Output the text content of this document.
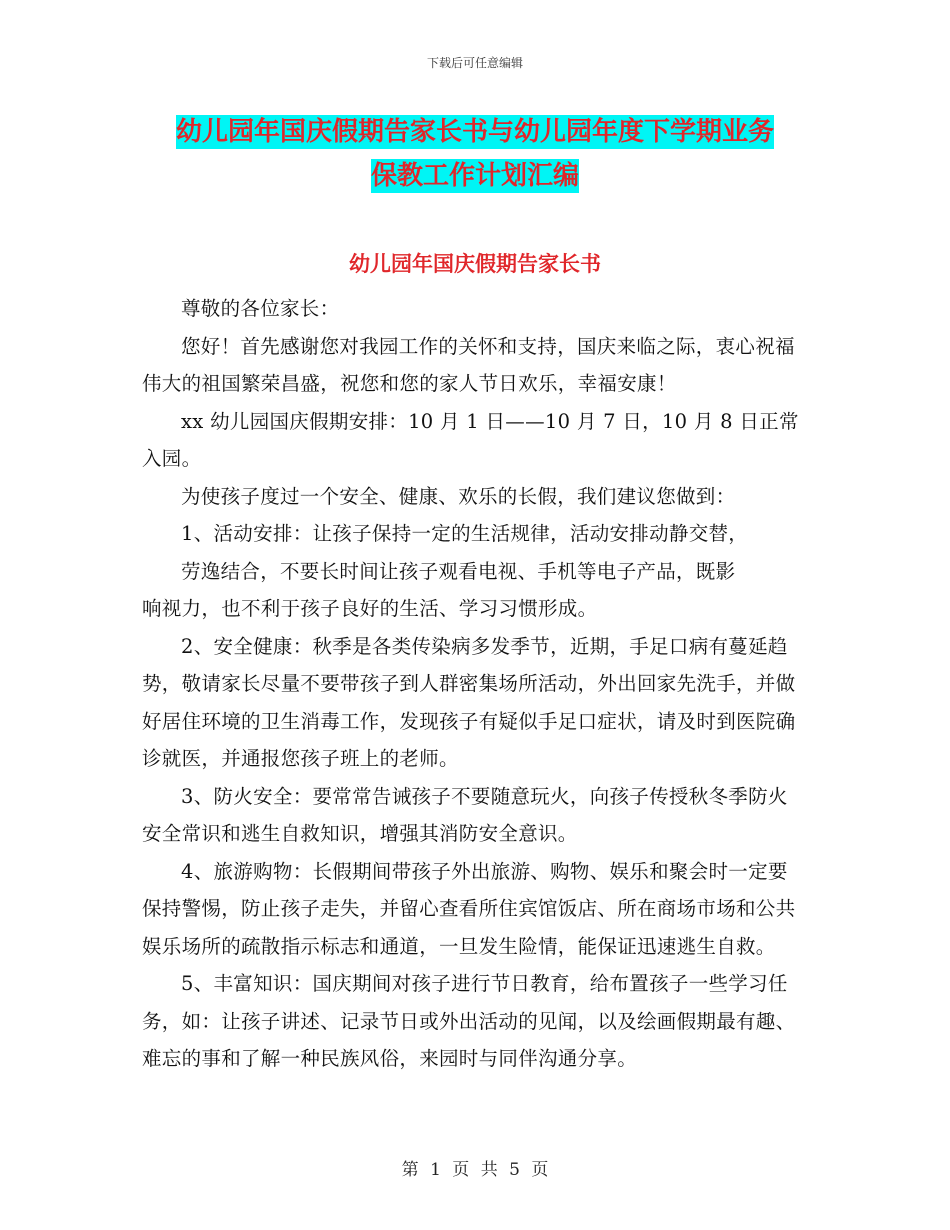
下载后可任意编辑
幼儿园年国庆假期告家长书与幼儿园年度下学期业务
保教工作计划汇编
幼儿园年国庆假期告家长书

尊敬的各位家长：

您好！首先感谢您对我园工作的关怀和支持，国庆来临之际，衷心祝福伟大的祖国繁荣昌盛，祝您和您的家人节日欢乐，幸福安康！

xx 幼儿园国庆假期安排：10 月 1 日——10 月 7 日，10 月 8 日正常入园。

为使孩子度过一个安全、健康、欢乐的长假，我们建议您做到：

1、活动安排：让孩子保持一定的生活规律，活动安排动静交替，
劳逸结合，不要长时间让孩子观看电视、手机等电子产品，既影
响视力，也不利于孩子良好的生活、学习习惯形成。

2、安全健康：秋季是各类传染病多发季节，近期，手足口病有蔓延趋势，敬请家长尽量不要带孩子到人群密集场所活动，外出回家先洗手，并做好居住环境的卫生消毒工作，发现孩子有疑似手足口症状，请及时到医院确诊就医，并通报您孩子班上的老师。

3、防火安全：要常常告诫孩子不要随意玩火，向孩子传授秋冬季防火安全常识和逃生自救知识，增强其消防安全意识。

4、旅游购物：长假期间带孩子外出旅游、购物、娱乐和聚会时一定要保持警惕，防止孩子走失，并留心查看所住宾馆饭店、所在商场市场和公共娱乐场所的疏散指示标志和通道，一旦发生险情，能保证迅速逃生自救。

5、丰富知识：国庆期间对孩子进行节日教育，给布置孩子一些学习任务，如：让孩子讲述、记录节日或外出活动的见闻，以及绘画假期最有趣、难忘的事和了解一种民族风俗，来园时与同伴沟通分享。

第 1 页 共 5 页
